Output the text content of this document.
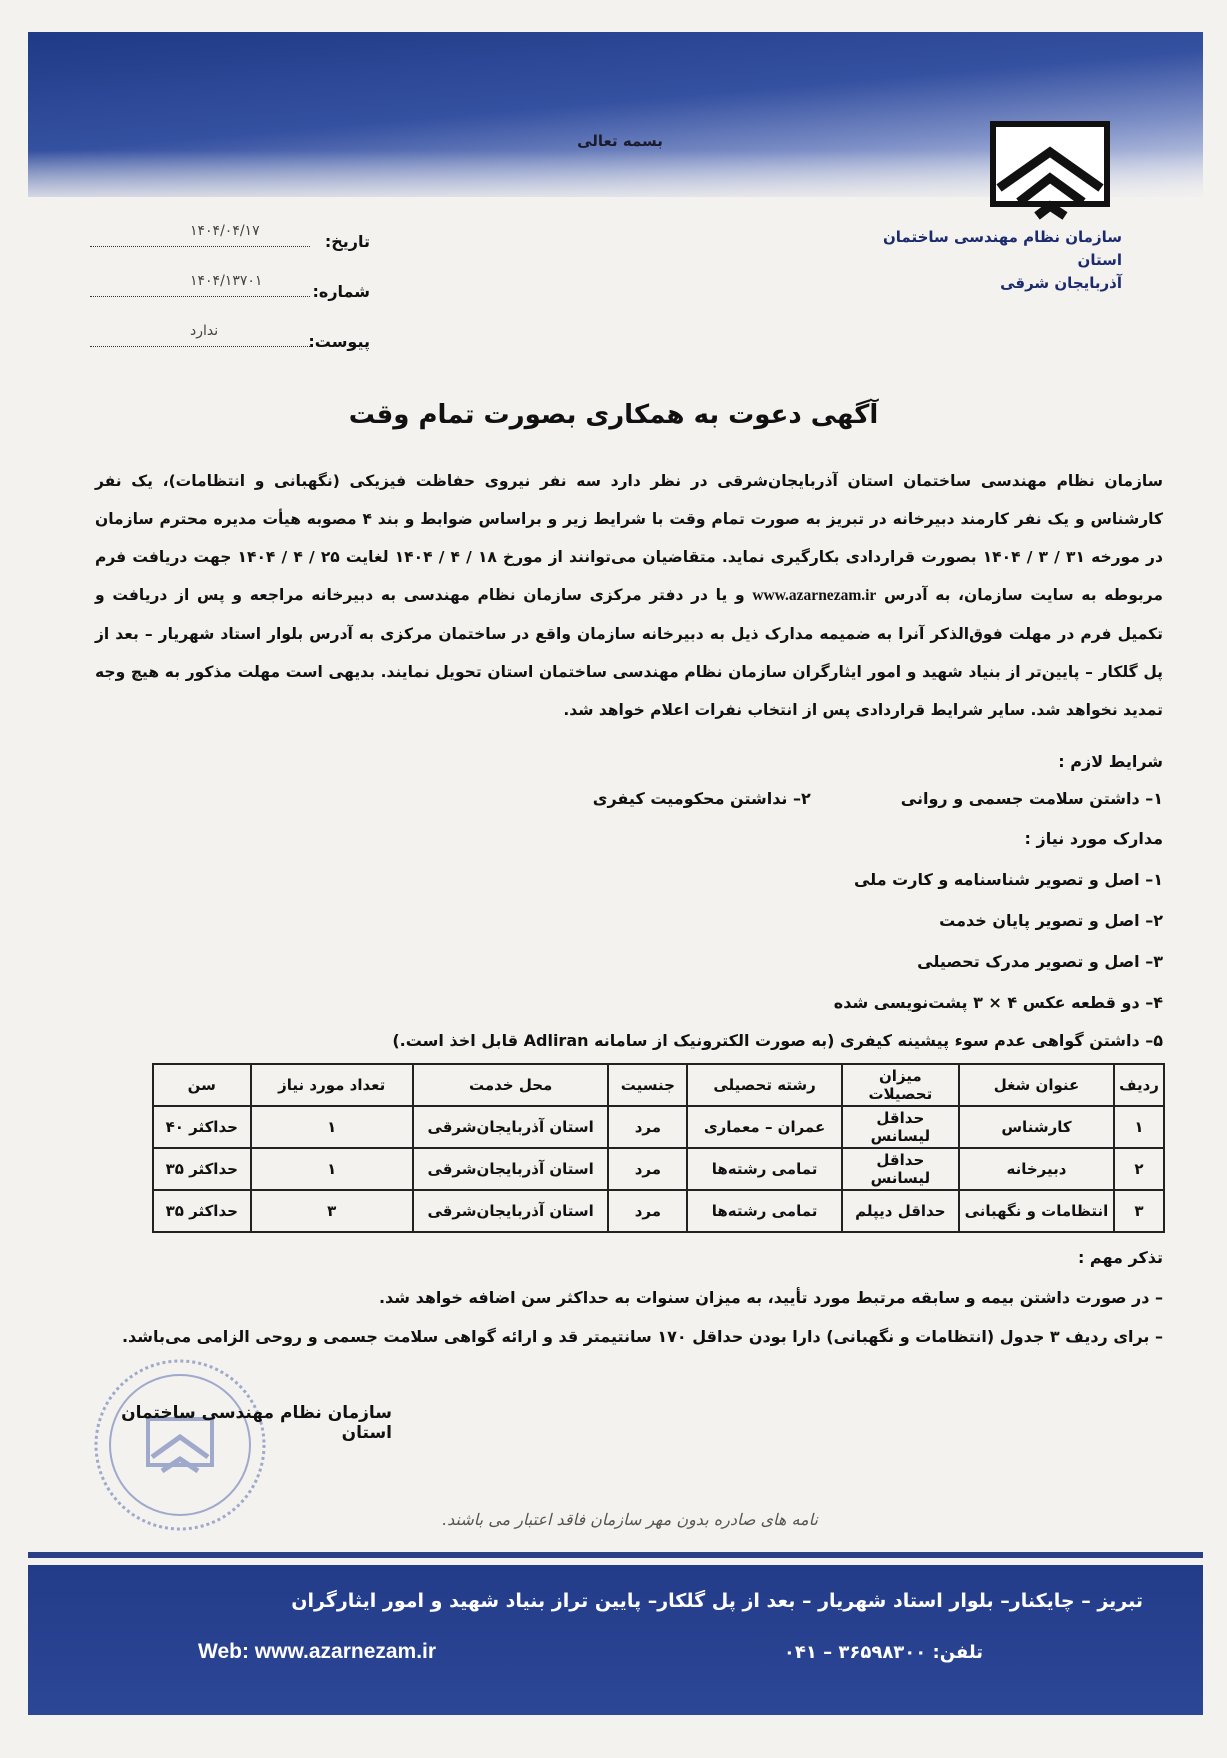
بسمه تعالی
سازمان نظام مهندسی ساختمان استان
آذربایجان شرقی
تاریخ:
۱۴۰۴/۰۴/۱۷
شماره:
۱۴۰۴/۱۳۷۰۱
پیوست:
ندارد
آگهی دعوت به همکاری بصورت تمام وقت
سازمان نظام مهندسی ساختمان استان آذربایجان‌شرقی در نظر دارد سه نفر نیروی حفاظت فیزیکی (نگهبانی و انتظامات)، یک نفر کارشناس و یک نفر کارمند دبیرخانه در تبریز به صورت تمام وقت با شرایط زیر و براساس ضوابط و بند ۴ مصوبه هیأت مدیره محترم سازمان در مورخه ۳۱ / ۳ / ۱۴۰۴ بصورت قراردادی بکارگیری نماید. متقاضیان می‌توانند از مورخ ۱۸ / ۴ / ۱۴۰۴ لغایت ۲۵ / ۴ / ۱۴۰۴ جهت دریافت فرم مربوطه به سایت سازمان، به آدرس www.azarnezam.ir و یا در دفتر مرکزی سازمان نظام مهندسی به دبیرخانه مراجعه و پس از دریافت و تکمیل فرم در مهلت فوق‌الذکر آنرا به ضمیمه مدارک ذیل به دبیرخانه سازمان واقع در ساختمان مرکزی به آدرس بلوار استاد شهریار – بعد از پل گلکار – پایین‌تر از بنیاد شهید و امور ایثارگران سازمان نظام مهندسی ساختمان استان تحویل نمایند. بدیهی است مهلت مذکور به هیچ وجه تمدید نخواهد شد. سایر شرایط قراردادی پس از انتخاب نفرات اعلام خواهد شد.
شرایط لازم :
۱– داشتن سلامت جسمی و روانی۲– نداشتن محکومیت کیفری
مدارک مورد نیاز :
۱– اصل و تصویر شناسنامه و کارت ملی
۲– اصل و تصویر پایان خدمت
۳– اصل و تصویر مدرک تحصیلی
۴– دو قطعه عکس ۴ × ۳ پشت‌نویسی شده
۵– داشتن گواهی عدم سوء پیشینه کیفری (به صورت الکترونیک از سامانه Adliran قابل اخذ است.)
ردیف	عنوان شغل	میزان تحصیلات	رشته تحصیلی	جنسیت	محل خدمت	تعداد مورد نیاز	سن
۱	کارشناس	حداقل لیسانس	عمران – معماری	مرد	استان آذربایجان‌شرقی	۱	حداکثر ۴۰
۲	دبیرخانه	حداقل لیسانس	تمامی رشته‌ها	مرد	استان آذربایجان‌شرقی	۱	حداکثر ۳۵
۳	انتظامات و نگهبانی	حداقل دیپلم	تمامی رشته‌ها	مرد	استان آذربایجان‌شرقی	۳	حداکثر ۳۵
تذکر مهم :
– در صورت داشتن بیمه و سابقه مرتبط مورد تأیید، به میزان سنوات به حداکثر سن اضافه خواهد شد.
– برای ردیف ۳ جدول (انتظامات و نگهبانی) دارا بودن حداقل ۱۷۰ سانتیمتر قد و ارائه گواهی سلامت جسمی و روحی الزامی می‌باشد.
سازمان نظام مهندسی ساختمان استان
نامه های صادره بدون مهر سازمان فاقد اعتبار می باشند.
تبریز – چایکنار– بلوار استاد شهریار – بعد از پل گلکار– پایین تراز بنیاد شهید و امور ایثارگران
Web: www.azarnezam.ir	تلفن: ۳۶۵۹۸۳۰۰ – ۰۴۱
